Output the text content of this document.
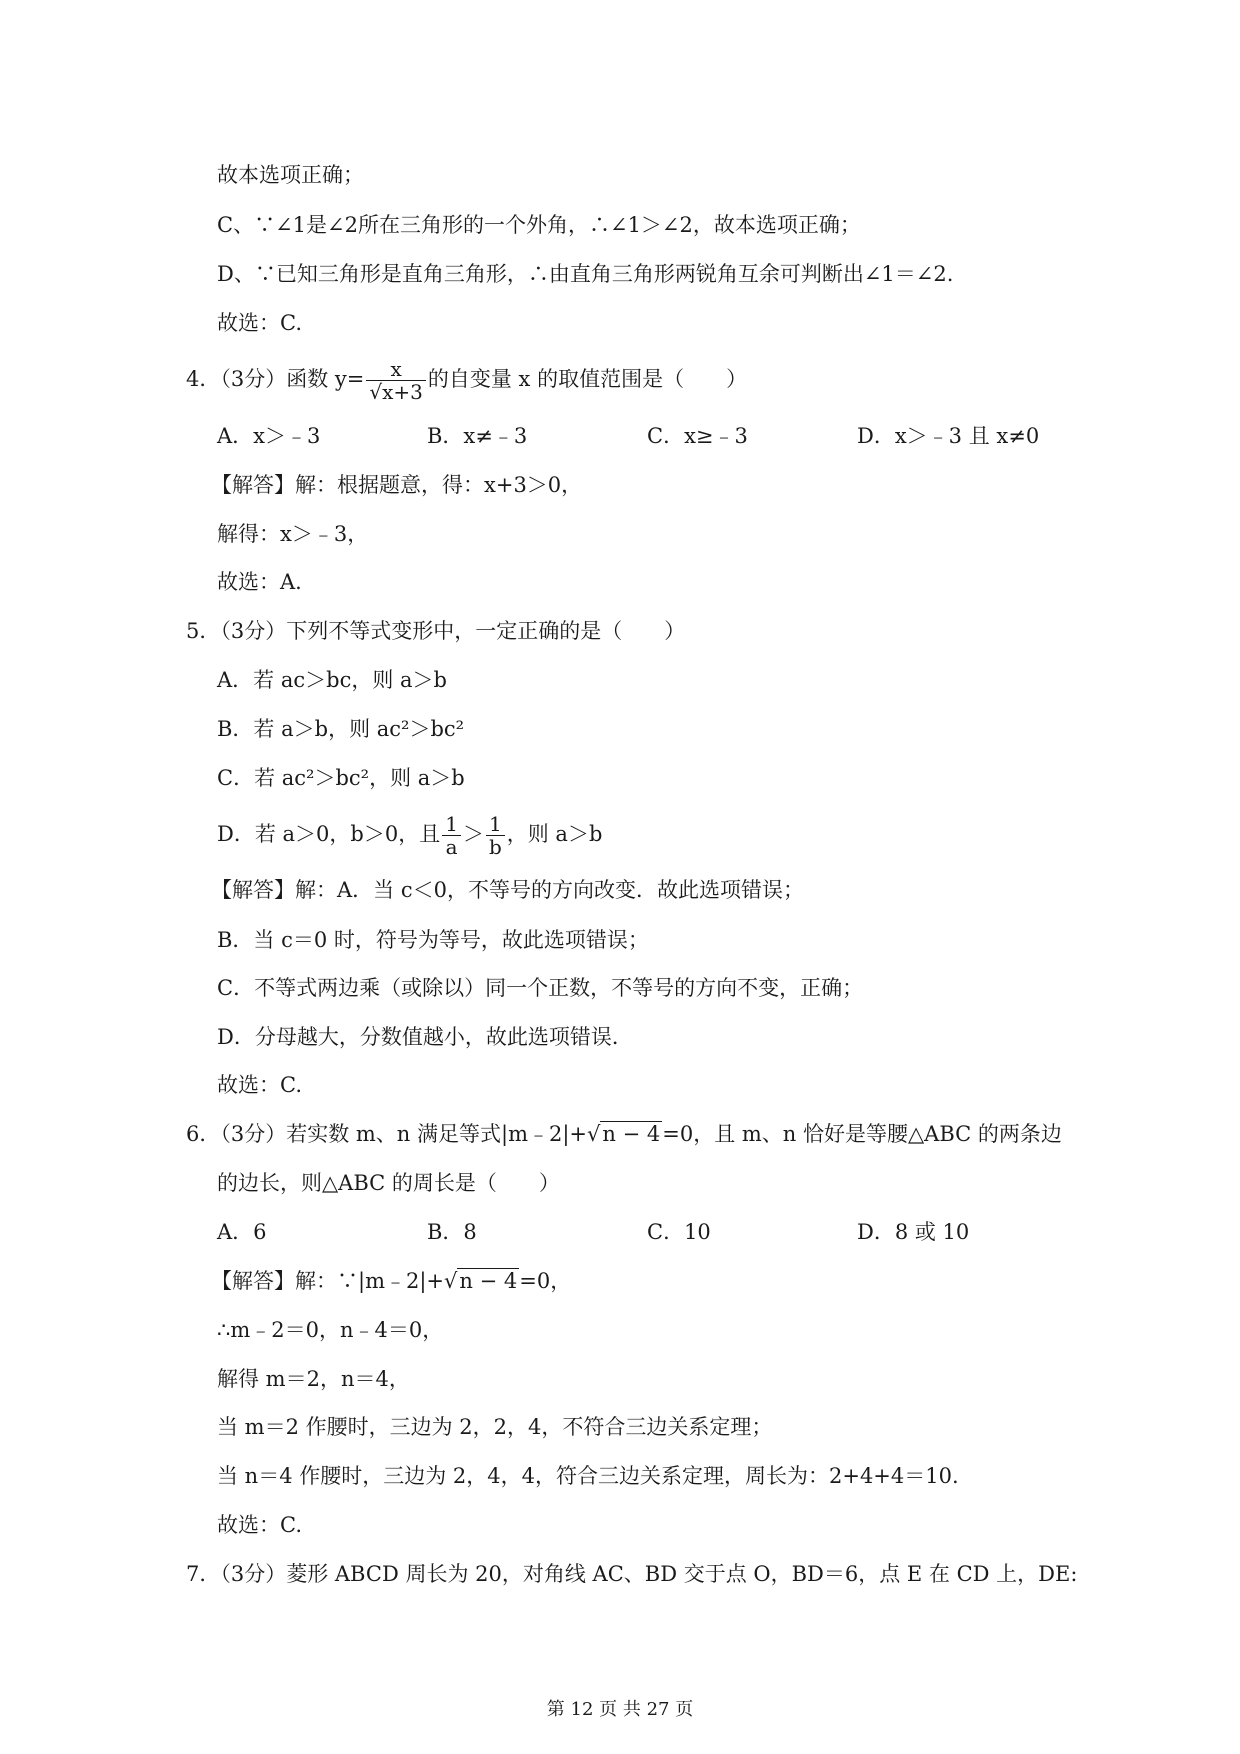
故本选项正确；
C、∵∠1是∠2所在三角形的一个外角，∴∠1＞∠2，故本选项正确；
D、∵已知三角形是直角三角形，∴由直角三角形两锐角互余可判断出∠1＝∠2.
故选：C.
4．（3分）函数 $y= \frac{x}{√x+3}$ 的自变量 x 的取值范围是（　　）
A．x＞﹣3	B．x≠﹣3	C．x≥﹣3	D．x＞﹣3 且 x≠0
【解答】解：根据题意，得：x+3＞0，
解得：x＞﹣3，
故选：A.
5．（3分）下列不等式变形中，一定正确的是（　　）
A．若 ac＞bc，则 a＞b
B．若 a＞b，则 ac²＞bc²
C．若 ac²＞bc²，则 a＞b
D．若 a＞0，b＞0，且 $\frac{1}{a} > \frac{1}{b}$ ，则 a＞b
【解答】解：A．当 c＜0，不等号的方向改变．故此选项错误；
B．当 c＝0 时，符号为等号，故此选项错误；
C．不等式两边乘（或除以）同一个正数，不等号的方向不变，正确；
D．分母越大，分数值越小，故此选项错误．
故选：C.
6．（3分）若实数 m、n 满足等式|m﹣2|+√n − 4=0，且 m、n 恰好是等腰△ABC 的两条边
的边长，则△ABC 的周长是（　　）
A．6	B．8	C．10	D．8 或 10
【解答】解：∵|m﹣2|+√n − 4=0，
∴m﹣2＝0，n﹣4＝0，
解得 m＝2，n＝4，
当 m＝2 作腰时，三边为 2，2，4，不符合三边关系定理；
当 n＝4 作腰时，三边为 2，4，4，符合三边关系定理，周长为：2+4+4＝10.
故选：C.
7．（3分）菱形 ABCD 周长为 20，对角线 AC、BD 交于点 O，BD＝6，点 E 在 CD 上，DE:
第 12 页 共 27 页
